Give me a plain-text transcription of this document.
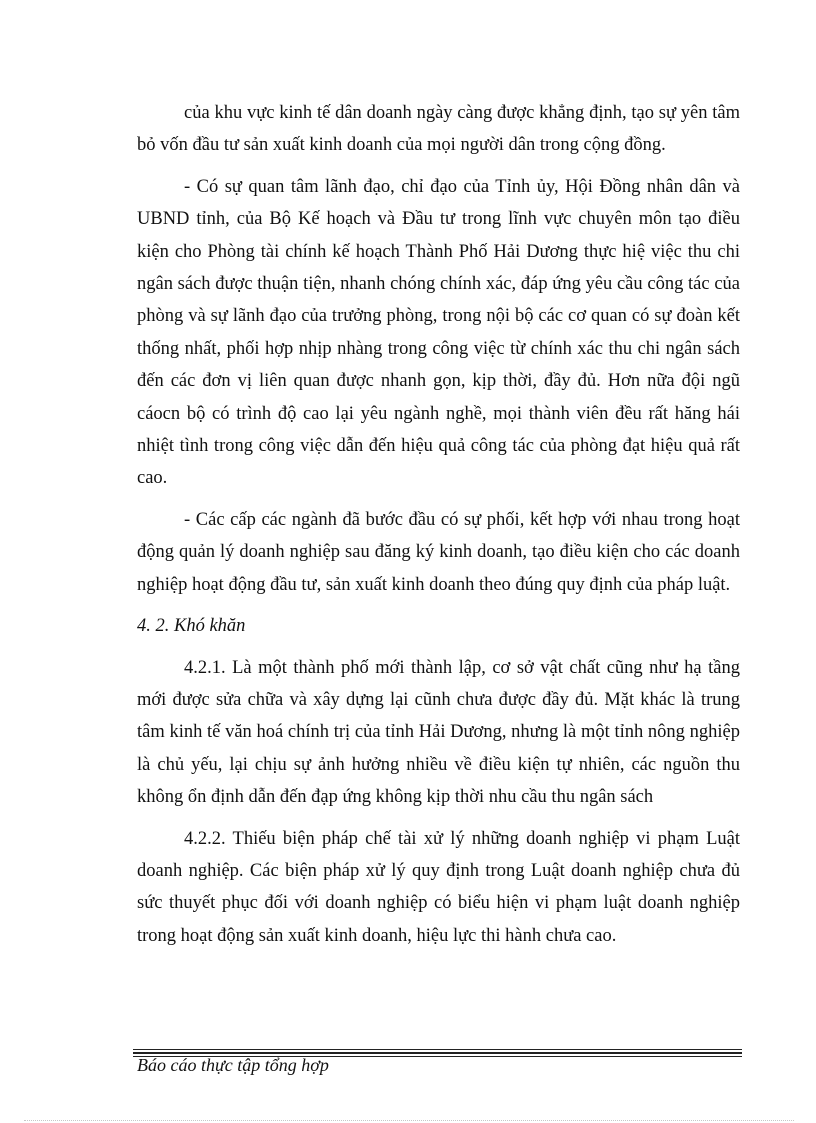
của khu vực kinh tế dân doanh ngày càng được khẳng định, tạo sự yên tâm bỏ vốn đầu tư sản xuất kinh doanh của mọi người dân trong cộng đồng.

- Có sự quan tâm lãnh đạo, chỉ đạo của Tỉnh ủy, Hội Đồng nhân dân và UBND tỉnh, của Bộ Kế hoạch và Đầu tư trong lĩnh vực chuyên môn tạo điều kiện cho Phòng tài chính kế hoạch Thành Phố Hải Dương thực hiệ việc thu chi ngân sách được thuận tiện, nhanh chóng chính xác, đáp ứng yêu cầu công tác của phòng và sự lãnh đạo của trưởng phòng, trong nội bộ các cơ quan có sự đoàn kết thống nhất, phối hợp nhịp nhàng trong công việc từ chính xác thu chi ngân sách đến các đơn vị liên quan được nhanh gọn, kịp thời, đầy đủ. Hơn nữa đội ngũ cáocn bộ có trình độ cao lại yêu ngành nghề, mọi thành viên đều rất hăng hái nhiệt tình trong công việc dẫn đến hiệu quả công tác của phòng đạt hiệu quả rất cao.

- Các cấp các ngành đã bước đầu có sự phối, kết hợp với nhau trong hoạt động quản lý doanh nghiệp sau đăng ký kinh doanh, tạo điều kiện cho các doanh nghiệp hoạt động đầu tư, sản xuất kinh doanh theo đúng quy định của pháp luật.

4. 2. Khó khăn

4.2.1. Là một thành phố mới thành lập, cơ sở vật chất cũng như hạ tầng mới được sửa chữa và xây dựng lại cũnh chưa được đầy đủ. Mặt khác là trung tâm kinh tế văn hoá chính trị của tỉnh Hải Dương, nhưng là một tỉnh nông nghiệp là chủ yếu, lại chịu sự ảnh hưởng nhiều về điều kiện tự nhiên, các nguồn thu không ổn định dẫn đến đạp ứng không kịp thời nhu cầu thu ngân sách

4.2.2. Thiếu biện pháp chế tài xử lý những doanh nghiệp vi phạm Luật doanh nghiệp. Các biện pháp xử lý quy định trong Luật doanh nghiệp chưa đủ sức thuyết phục đối với doanh nghiệp có biểu hiện vi phạm luật doanh nghiệp trong hoạt động sản xuất kinh doanh, hiệu lực thi hành chưa cao.

Báo cáo thực tập tổng hợp
